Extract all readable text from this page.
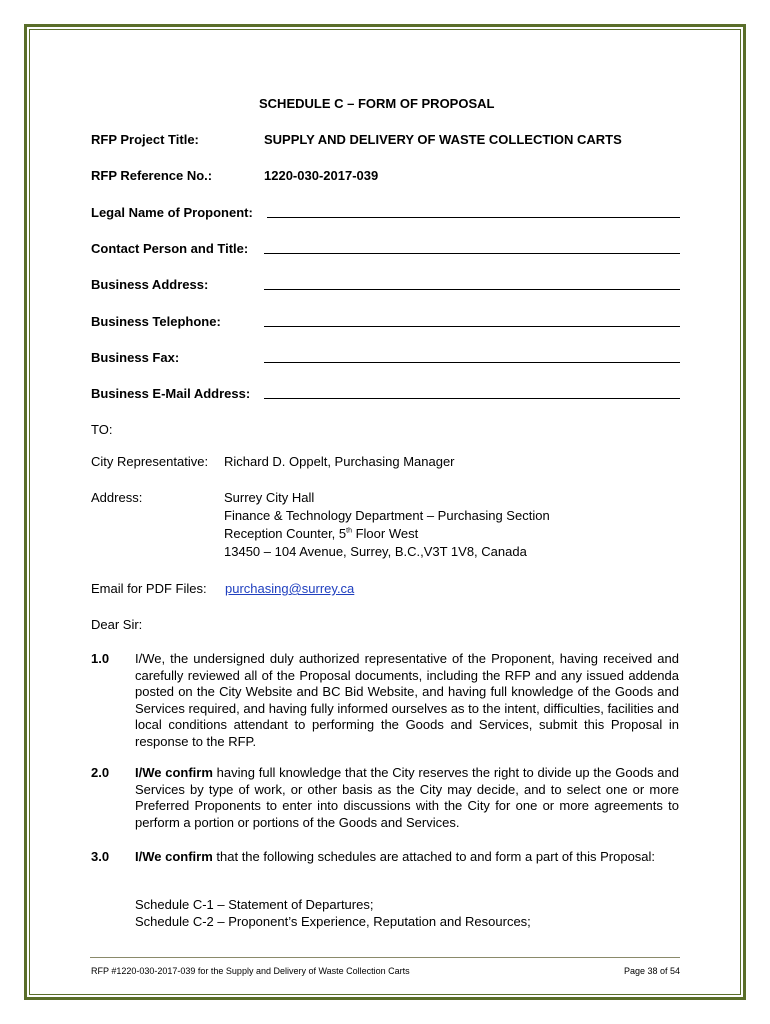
SCHEDULE C – FORM OF PROPOSAL
RFP Project Title:	SUPPLY AND DELIVERY OF WASTE COLLECTION CARTS
RFP Reference No.:	1220-030-2017-039
Legal Name of Proponent:
Contact Person and Title:
Business Address:
Business Telephone:
Business Fax:
Business E-Mail Address:
TO:
City Representative: Richard D. Oppelt, Purchasing Manager
Address:	Surrey City Hall
Finance & Technology Department – Purchasing Section
Reception Counter, 5th Floor West
13450 – 104 Avenue, Surrey, B.C.,V3T 1V8, Canada
Email for PDF Files: purchasing@surrey.ca
Dear Sir:
1.0 I/We, the undersigned duly authorized representative of the Proponent, having received and carefully reviewed all of the Proposal documents, including the RFP and any issued addenda posted on the City Website and BC Bid Website, and having full knowledge of the Goods and Services required, and having fully informed ourselves as to the intent, difficulties, facilities and local conditions attendant to performing the Goods and Services, submit this Proposal in response to the RFP.
2.0 I/We confirm having full knowledge that the City reserves the right to divide up the Goods and Services by type of work, or other basis as the City may decide, and to select one or more Preferred Proponents to enter into discussions with the City for one or more agreements to perform a portion or portions of the Goods and Services.
3.0 I/We confirm that the following schedules are attached to and form a part of this Proposal:
Schedule C-1 – Statement of Departures;
Schedule C-2 – Proponent’s Experience, Reputation and Resources;
RFP #1220-030-2017-039 for the Supply and Delivery of Waste Collection Carts	Page 38 of 54
